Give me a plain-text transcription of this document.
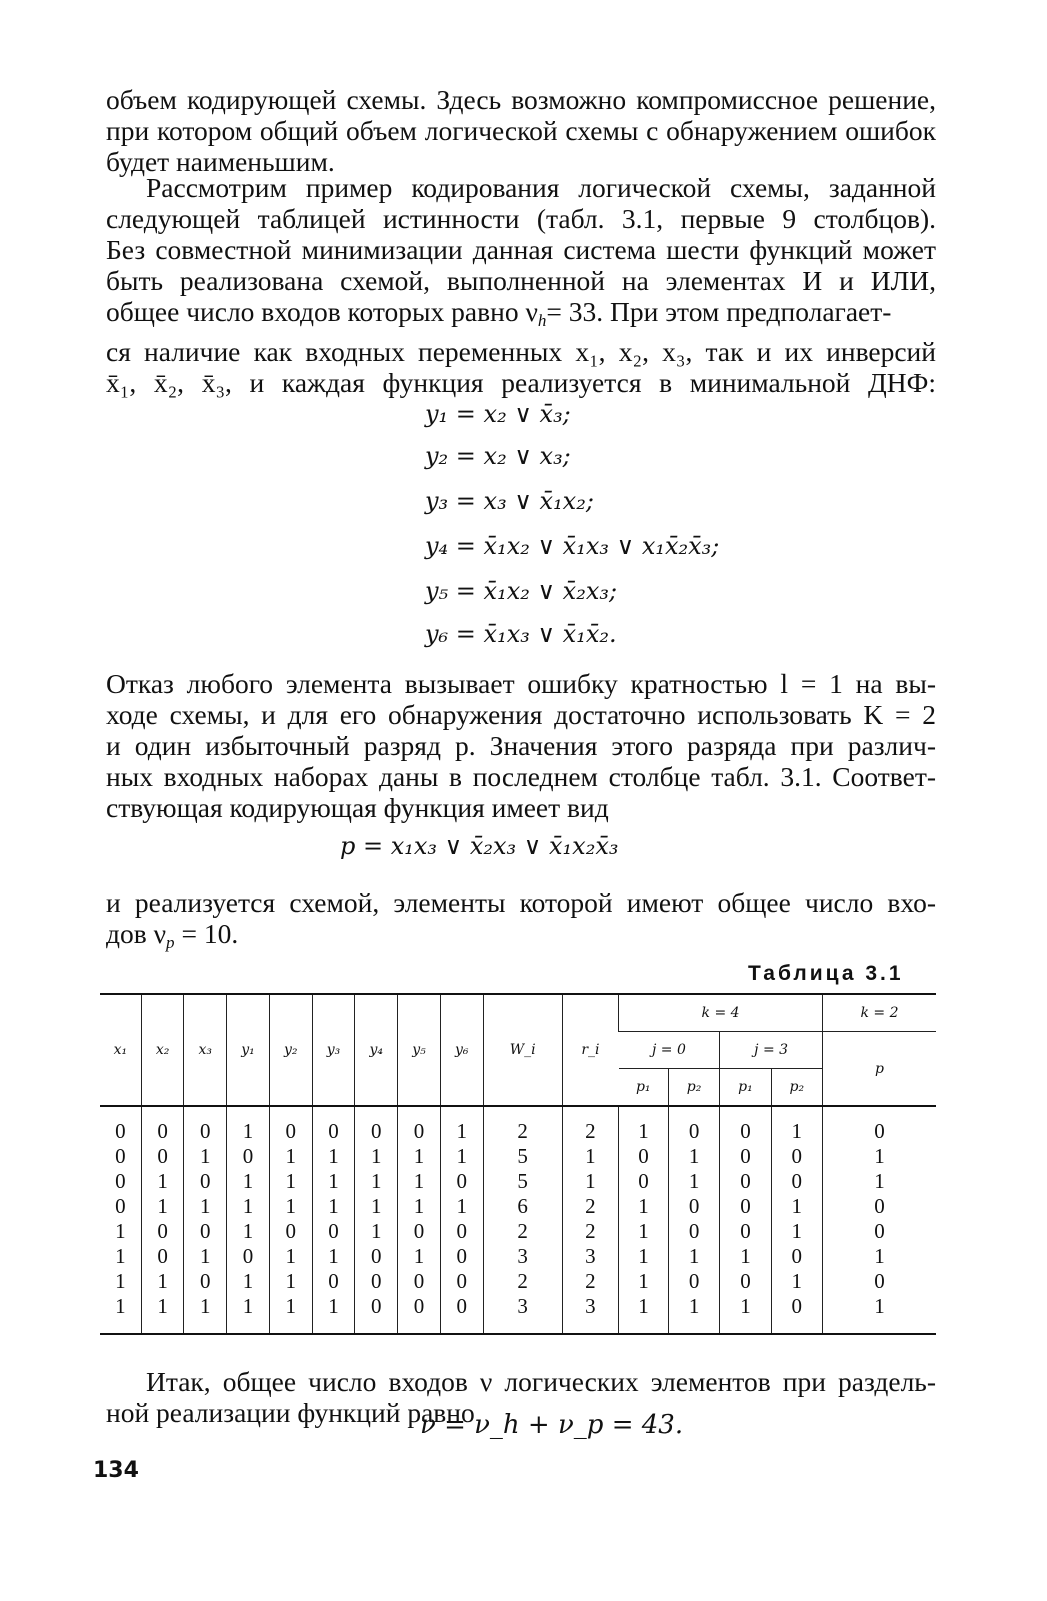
объем кодирующей схемы. Здесь возможно компромиссное решение,
при котором общий объем логической схемы с обнаружением ошибок
будет наименьшим.
Рассмотрим пример кодирования логической схемы, заданной
следующей таблицей истинности (табл. 3.1, первые 9 столбцов).
Без совместной минимизации данная система шести функций может
быть реализована схемой, выполненной на элементах И и ИЛИ,
общее число входов которых равно $\nu_h= 33$. При этом предполагает-
ся наличие как входных переменных x₁, x₂, x₃, так и их инверсий
x̄₁, x̄₂, x̄₃, и каждая функция реализуется в минимальной ДНФ:
y₁ = x₂ ∨ x̄₃;
y₂ = x₂ ∨ x₃;
y₃ = x₃ ∨ x̄₁x₂;
y₄ = x̄₁x₂ ∨ x̄₁x₃ ∨ x₁x̄₂x̄₃;
y₅ = x̄₁x₂ ∨ x̄₂x₃;
y₆ = x̄₁x₃ ∨ x̄₁x̄₂.
Отказ любого элемента вызывает ошибку кратностью l = 1 на вы-
ходе схемы, и для его обнаружения достаточно использовать K = 2
и один избыточный разряд p. Значения этого разряда при различ-
ных входных наборах даны в последнем столбце табл. 3.1. Соответ-
ствующая кодирующая функция имеет вид
p = x₁x₃ ∨ x̄₂x₃ ∨ x̄₁x₂x̄₃
и реализуется схемой, элементы которой имеют общее число вхо-
дов $\nu_p = 10$.
Таблица 3.1
x₁	x₂	x₃	y₁	y₂	y₃	y₄	y₅	y₆	W_i	r_i	k = 4				k = 2
											j = 0		j = 3		p
											p₁	p₂	p₁	p₂	
0	0	0	1	0	0	0	0	1	2	2	1	0	0	1	0
0	0	1	0	1	1	1	1	1	5	1	0	1	0	0	1
0	1	0	1	1	1	1	1	0	5	1	0	1	0	0	1
0	1	1	1	1	1	1	1	1	6	2	1	0	0	1	0
1	0	0	1	0	0	1	0	0	2	2	1	0	0	1	0
1	0	1	0	1	1	0	1	0	3	3	1	1	1	0	1
1	1	0	1	1	0	0	0	0	2	2	1	0	0	1	0
1	1	1	1	1	1	0	0	0	3	3	1	1	1	0	1
Итак, общее число входов ν логических элементов при раздель-
ной реализации функций равно
ν = ν_h + ν_p = 43.
134
